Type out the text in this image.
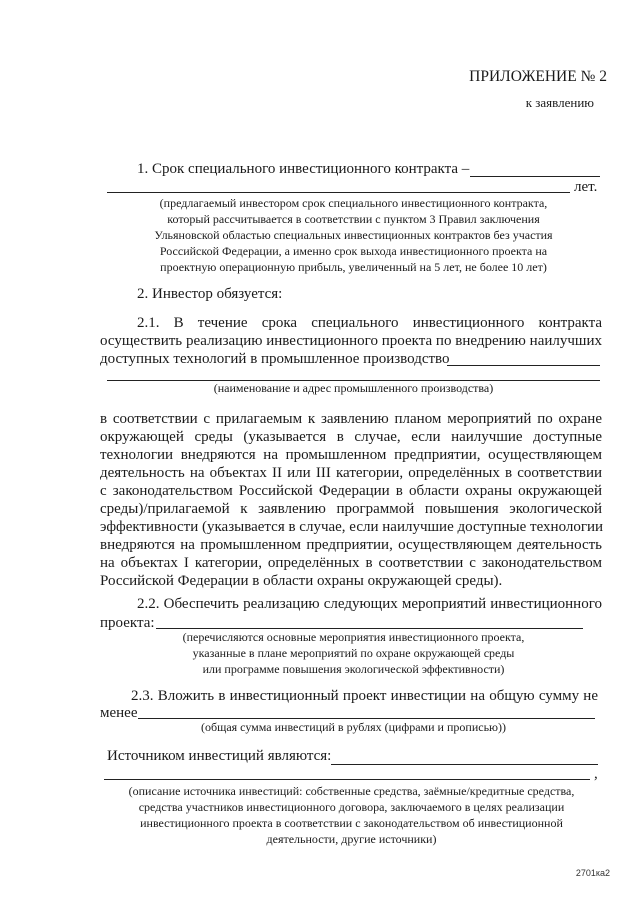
ПРИЛОЖЕНИЕ № 2
к заявлению
1. Срок специального инвестиционного контракта –
лет.
(предлагаемый инвестором срок специального инвестиционного контракта,
который рассчитывается в соответствии с пунктом 3 Правил заключения
Ульяновской областью специальных инвестиционных контрактов без участия
Российской Федерации, а именно срок выхода инвестиционного проекта на
проектную операционную прибыль, увеличенный на 5 лет, не более 10 лет)
2. Инвестор обязуется:
2.1. В течение срока специального инвестиционного контракта
осуществить реализацию инвестиционного проекта по внедрению наилучших
доступных технологий в промышленное производство
(наименование и адрес промышленного производства)
в соответствии с прилагаемым к заявлению планом мероприятий по охране
окружающей среды (указывается в случае, если наилучшие доступные
технологии внедряются на промышленном предприятии, осуществляющем
деятельность на объектах II или III категории, определённых в соответствии
с законодательством Российской Федерации в области охраны окружающей
среды)/прилагаемой к заявлению программой повышения экологической
эффективности (указывается в случае, если наилучшие доступные технологии
внедряются на промышленном предприятии, осуществляющем деятельность
на объектах I категории, определённых в соответствии с законодательством
Российской Федерации в области охраны окружающей среды).
2.2. Обеспечить реализацию следующих мероприятий инвестиционного
проекта:
(перечисляются основные мероприятия инвестиционного проекта,
указанные в плане мероприятий по охране окружающей среды
или программе повышения экологической эффективности)
2.3. Вложить в инвестиционный проект инвестиции на общую сумму не
менее
(общая сумма инвестиций в рублях (цифрами и прописью))
Источником инвестиций являются:
,
(описание источника инвестиций: собственные средства, заёмные/кредитные средства,
средства участников инвестиционного договора, заключаемого в целях реализации
инвестиционного проекта в соответствии с законодательством об инвестиционной
деятельности, другие источники)
2701ка2
